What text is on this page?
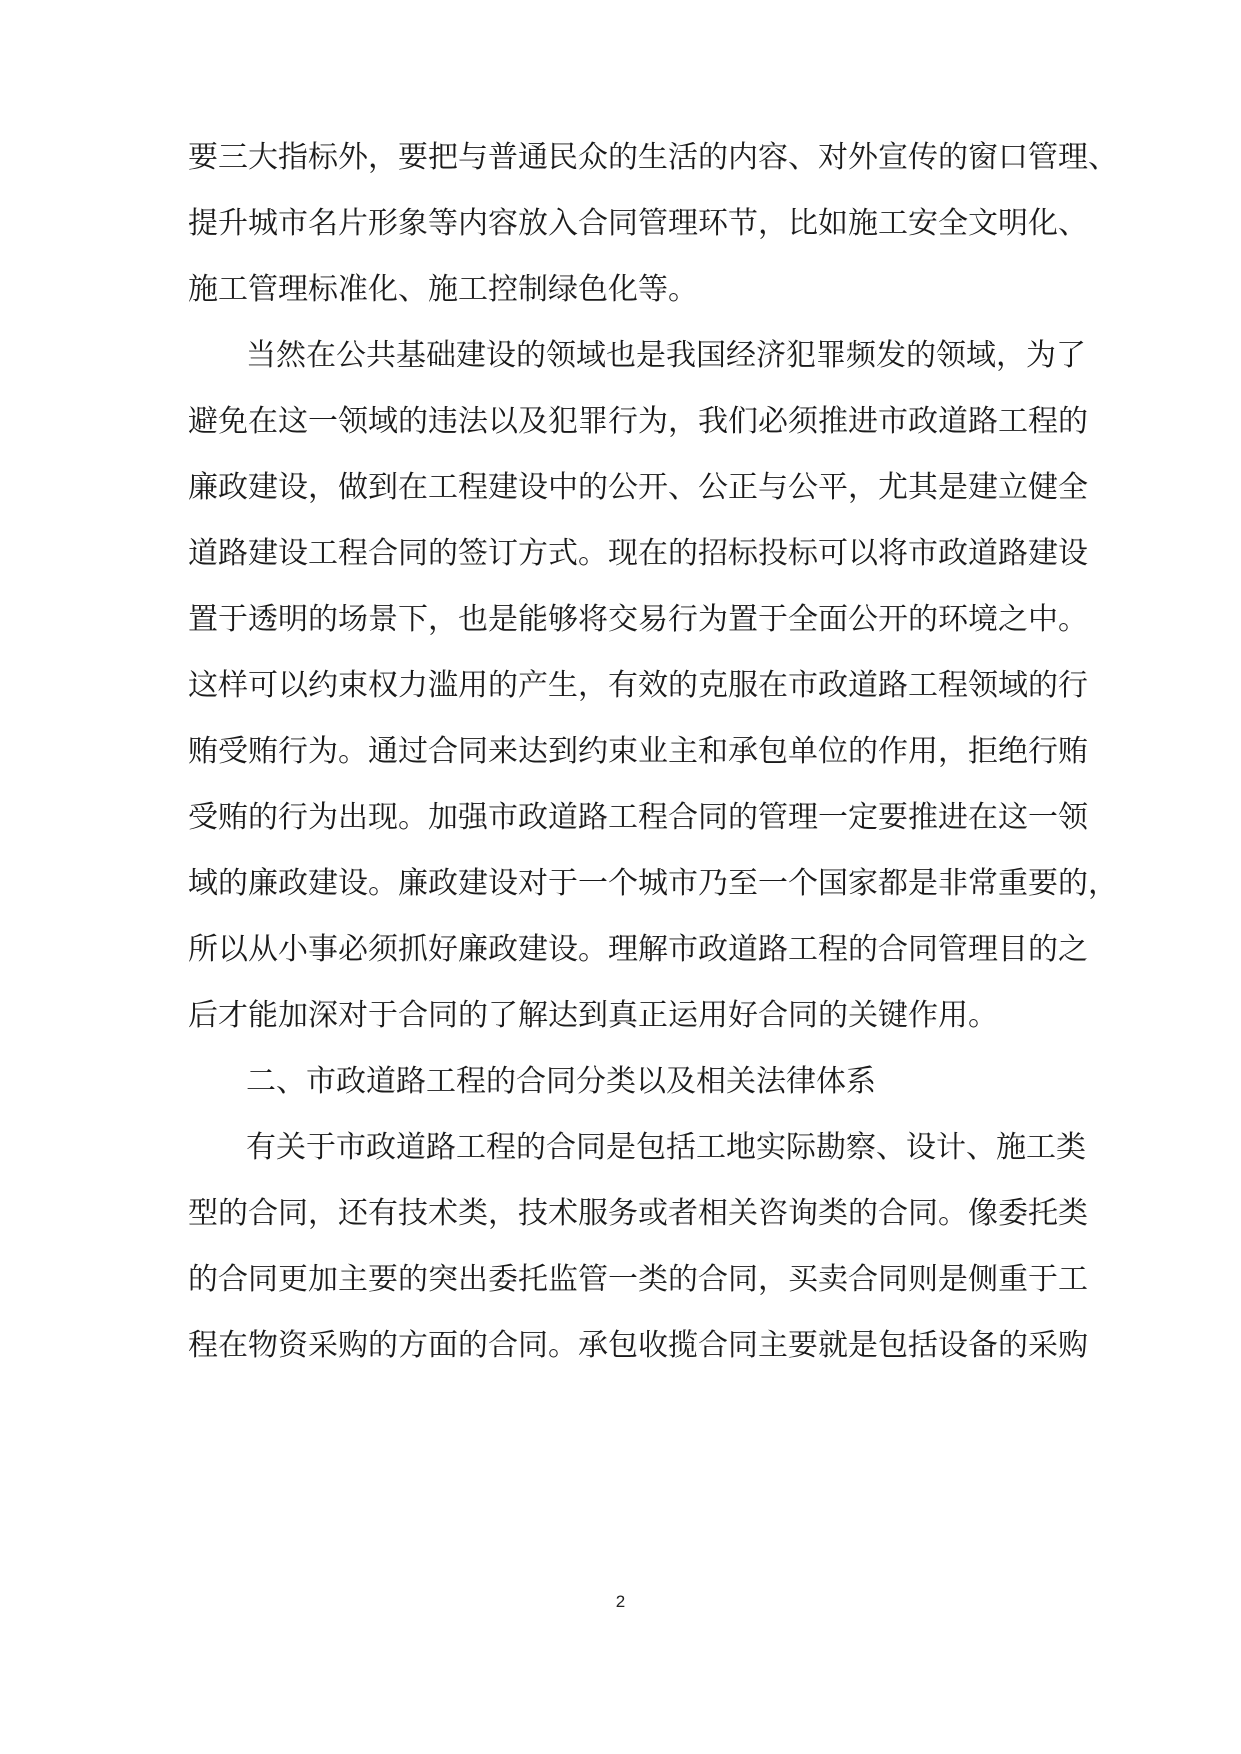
要三大指标外，要把与普通民众的生活的内容、对外宣传的窗口管理、
提升城市名片形象等内容放入合同管理环节，比如施工安全文明化、
施工管理标准化、施工控制绿色化等。
当然在公共基础建设的领域也是我国经济犯罪频发的领域，为了
避免在这一领域的违法以及犯罪行为，我们必须推进市政道路工程的
廉政建设，做到在工程建设中的公开、公正与公平，尤其是建立健全
道路建设工程合同的签订方式。现在的招标投标可以将市政道路建设
置于透明的场景下，也是能够将交易行为置于全面公开的环境之中。
这样可以约束权力滥用的产生，有效的克服在市政道路工程领域的行
贿受贿行为。通过合同来达到约束业主和承包单位的作用，拒绝行贿
受贿的行为出现。加强市政道路工程合同的管理一定要推进在这一领
域的廉政建设。廉政建设对于一个城市乃至一个国家都是非常重要的，
所以从小事必须抓好廉政建设。理解市政道路工程的合同管理目的之
后才能加深对于合同的了解达到真正运用好合同的关键作用。
二、市政道路工程的合同分类以及相关法律体系
有关于市政道路工程的合同是包括工地实际勘察、设计、施工类
型的合同，还有技术类，技术服务或者相关咨询类的合同。像委托类
的合同更加主要的突出委托监管一类的合同，买卖合同则是侧重于工
程在物资采购的方面的合同。承包收揽合同主要就是包括设备的采购
2
